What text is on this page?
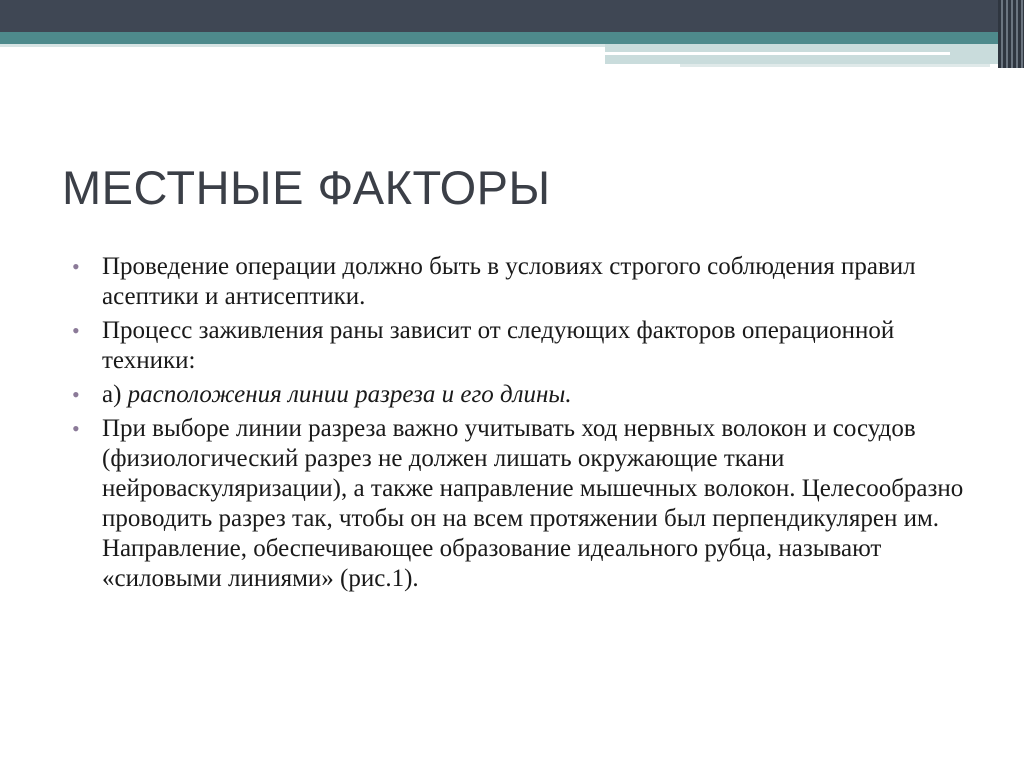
МЕСТНЫЕ ФАКТОРЫ
• Проведение операции должно быть в условиях строгого соблюдения правил асептики и антисептики.
• Процесс заживления раны зависит от следующих факторов операционной техники:
• а) расположения линии разреза и его длины.
• При выборе линии разреза важно учитывать ход нервных волокон и сосудов (физиологический разрез не должен лишать окружающие ткани нейроваскуляризации), а также направление мышечных волокон. Целесообразно проводить разрез так, чтобы он на всем протяжении был перпендикулярен им. Направление, обеспечивающее образование идеального рубца, называют «силовыми линиями» (рис.1).
